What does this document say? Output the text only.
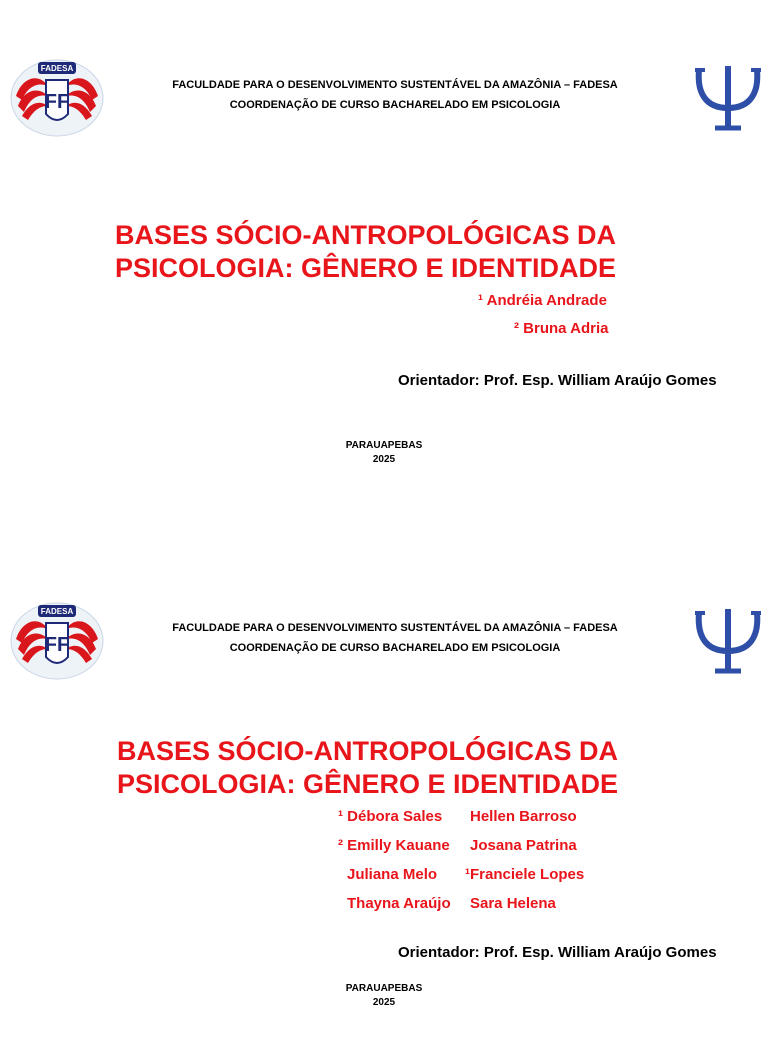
FADESA
FACULDADE PARA O DESENVOLVIMENTO SUSTENTÁVEL DA AMAZÔNIA – FADESA
COORDENAÇÃO DE CURSO BACHARELADO EM PSICOLOGIA
BASES SÓCIO-ANTROPOLÓGICAS DA
PSICOLOGIA: GÊNERO E IDENTIDADE
¹ Andréia Andrade
² Bruna Adria
Orientador: Prof. Esp. William Araújo Gomes
PARAUAPEBAS
2025
FADESA
FACULDADE PARA O DESENVOLVIMENTO SUSTENTÁVEL DA AMAZÔNIA – FADESA
COORDENAÇÃO DE CURSO BACHARELADO EM PSICOLOGIA
BASES SÓCIO-ANTROPOLÓGICAS DA
PSICOLOGIA: GÊNERO E IDENTIDADE
¹ Débora Sales Hellen Barroso
² Emilly Kauane Josana Patrina
Juliana Melo ¹Franciele Lopes
Thayna Araújo Sara Helena
Orientador: Prof. Esp. William Araújo Gomes
PARAUAPEBAS
2025
